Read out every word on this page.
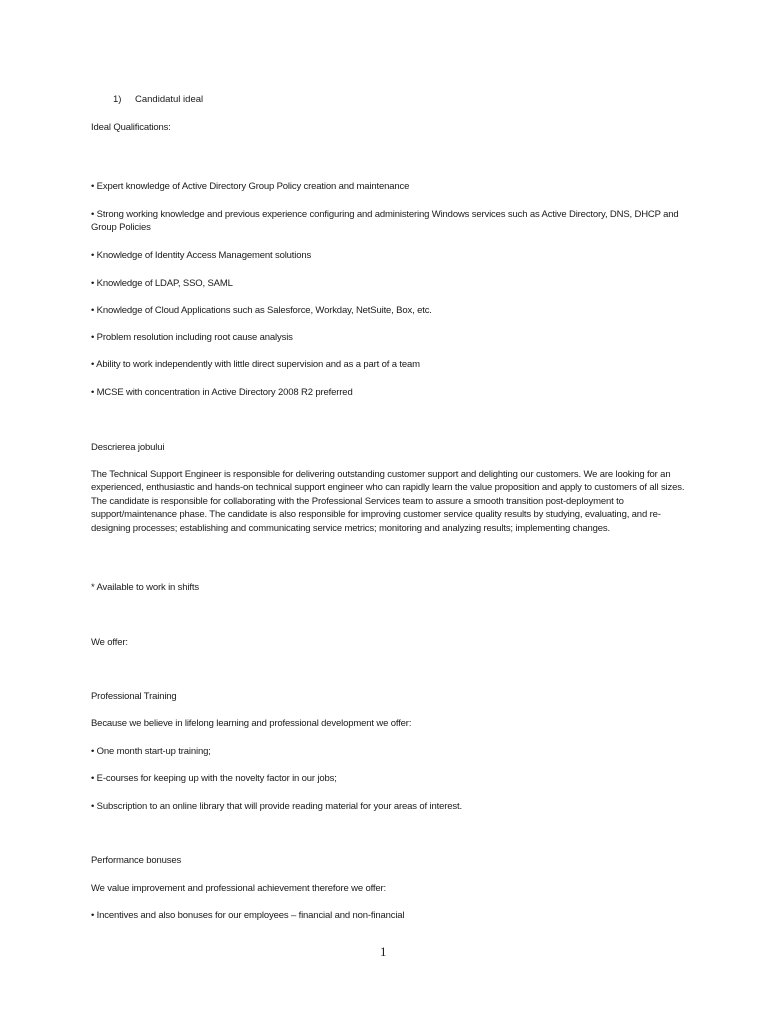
1) Candidatul ideal
Ideal Qualifications:
• Expert knowledge of Active Directory Group Policy creation and maintenance
• Strong working knowledge and previous experience configuring and administering Windows services such as Active Directory, DNS, DHCP and Group Policies
• Knowledge of Identity Access Management solutions
• Knowledge of LDAP, SSO, SAML
• Knowledge of Cloud Applications such as Salesforce, Workday, NetSuite, Box, etc.
• Problem resolution including root cause analysis
• Ability to work independently with little direct supervision and as a part of a team
• MCSE with concentration in Active Directory 2008 R2 preferred
Descrierea jobului
The Technical Support Engineer is responsible for delivering outstanding customer support and delighting our customers. We are looking for an experienced, enthusiastic and hands-on technical support engineer who can rapidly learn the value proposition and apply to customers of all sizes. The candidate is responsible for collaborating with the Professional Services team to assure a smooth transition post-deployment to support/maintenance phase. The candidate is also responsible for improving customer service quality results by studying, evaluating, and re-designing processes; establishing and communicating service metrics; monitoring and analyzing results; implementing changes.
* Available to work in shifts
We offer:
Professional Training
Because we believe in lifelong learning and professional development we offer:
• One month start-up training;
• E-courses for keeping up with the novelty factor in our jobs;
• Subscription to an online library that will provide reading material for your areas of interest.
Performance bonuses
We value improvement and professional achievement therefore we offer:
• Incentives and also bonuses for our employees – financial and non-financial
1
